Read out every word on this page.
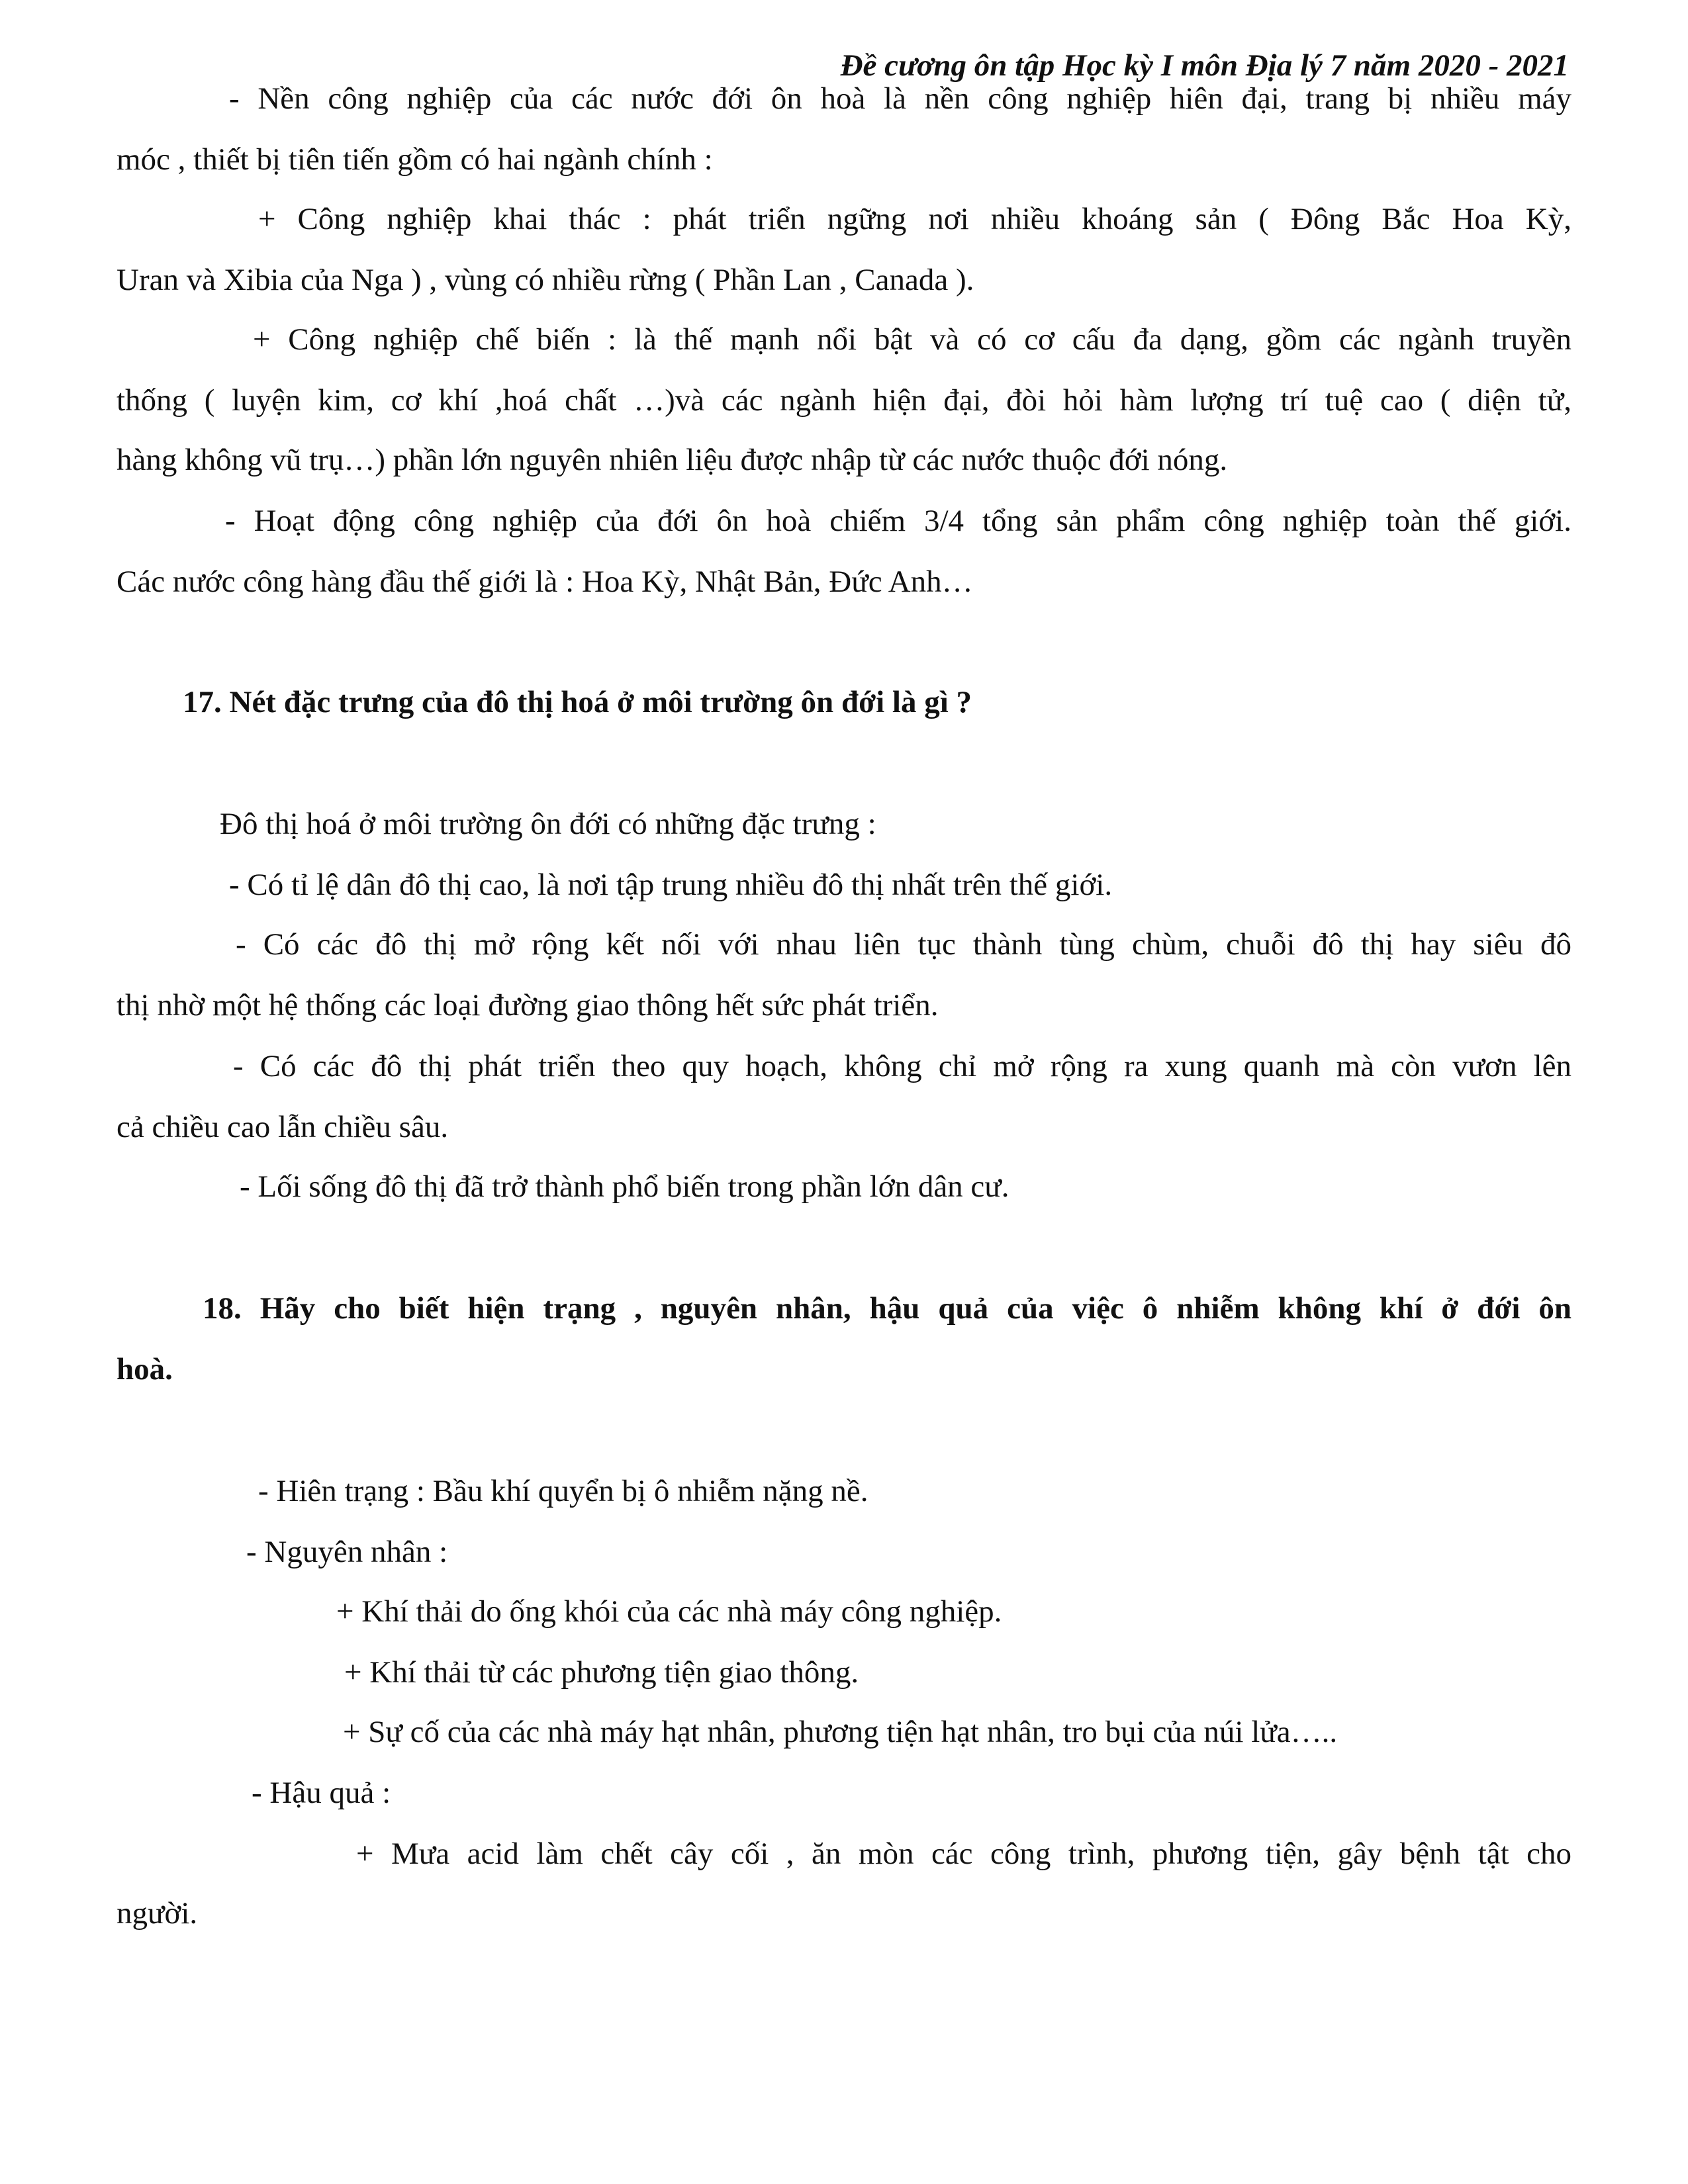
Đề cương ôn tập Học kỳ I môn Địa lý 7 năm 2020 - 2021
- Nền công nghiệp của các nước đới ôn hoà là nền công nghiệp hiên đại, trang bị nhiều máy
móc , thiết bị tiên tiến gồm có hai ngành chính :
+ Công nghiệp khai thác : phát triển ngững nơi nhiều khoáng sản ( Đông Bắc Hoa Kỳ,
Uran và Xibia của Nga ) , vùng có nhiều rừng ( Phần Lan , Canada ).
+ Công nghiệp chế biến : là thế mạnh nổi bật và có cơ cấu đa dạng, gồm các ngành truyền
thống ( luyện kim, cơ khí ,hoá chất …)và các ngành hiện đại, đòi hỏi hàm lượng trí tuệ cao ( diện tử,
hàng không vũ trụ…) phần lớn nguyên nhiên liệu được nhập từ các nước thuộc đới nóng.
- Hoạt động công nghiệp của đới ôn hoà chiếm 3/4 tổng sản phẩm công nghiệp toàn thế giới.
Các nước công hàng đầu thế giới là : Hoa Kỳ, Nhật Bản, Đức Anh…
17. Nét đặc trưng của đô thị hoá ở môi trường ôn đới là gì ?
Đô thị hoá ở môi trường ôn đới có những đặc trưng :
- Có tỉ lệ dân đô thị cao, là nơi tập trung nhiều đô thị nhất trên thế giới.
- Có các đô thị mở rộng kết nối với nhau liên tục thành tùng chùm, chuỗi đô thị hay siêu đô
thị nhờ một hệ thống các loại đường giao thông hết sức phát triển.
- Có các đô thị phát triển theo quy hoạch, không chỉ mở rộng ra xung quanh mà còn vươn lên
cả chiều cao lẫn chiều sâu.
- Lối sống đô thị đã trở thành phổ biến trong phần lớn dân cư.
18. Hãy cho biết hiện trạng , nguyên nhân, hậu quả của việc ô nhiễm không khí ở đới ôn
hoà.
- Hiên trạng : Bầu khí quyển bị ô nhiễm nặng nề.
- Nguyên nhân :
+ Khí thải do ống khói của các nhà máy công nghiệp.
+ Khí thải từ các phương tiện giao thông.
+ Sự cố của các nhà máy hạt nhân, phương tiện hạt nhân, tro bụi của núi lửa…..
- Hậu quả :
+ Mưa acid làm chết cây cối , ăn mòn các công trình, phương tiện, gây bệnh tật cho
người.
